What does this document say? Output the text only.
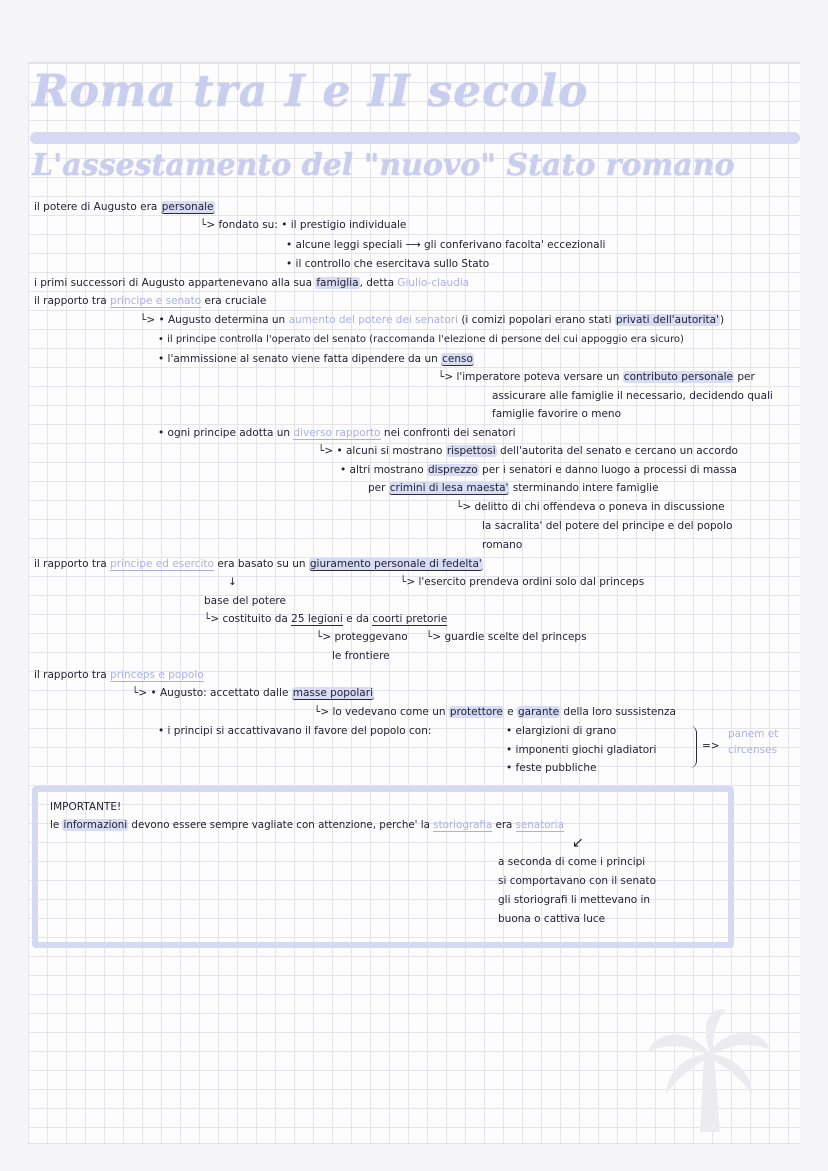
Roma tra I e II secolo
L'assestamento del "nuovo" Stato romano
il potere di Augusto era personale
└> fondato su: • il prestigio individuale
• alcune leggi speciali ⟶ gli conferivano facolta' eccezionali
• il controllo che esercitava sullo Stato
i primi successori di Augusto appartenevano alla sua famiglia, detta Giulio-claudia
il rapporto tra principe e senato era cruciale
└> • Augusto determina un aumento del potere dei senatori (i comizi popolari erano stati privati dell'autorita')
• il principe controlla l'operato del senato (raccomanda l'elezione di persone del cui appoggio era sicuro)
• l'ammissione al senato viene fatta dipendere da un censo
└> l'imperatore poteva versare un contributo personale per
assicurare alle famiglie il necessario, decidendo quali
famiglie favorire o meno
• ogni principe adotta un diverso rapporto nei confronti dei senatori
└> • alcuni si mostrano rispettosi dell'autorita del senato e cercano un accordo
• altri mostrano disprezzo per i senatori e danno luogo a processi di massa
per crimini di lesa maesta' sterminando intere famiglie
└> delitto di chi offendeva o poneva in discussione
la sacralita' del potere del principe e del popolo
romano
il rapporto tra principe ed esercito era basato su un giuramento personale di fedelta'
└> l'esercito prendeva ordini solo dal princeps
↓
base del potere
└> costituito da 25 legioni e da coorti pretorie
└> proteggevano └> guardie scelte del princeps
le frontiere
il rapporto tra princeps e popolo
└> • Augusto: accettato dalle masse popolari
└> lo vedevano come un protettore e garante della loro sussistenza
• i principi si accattivavano il favore del popolo con:	• elargizioni di grano
• imponenti giochi gladiatori
• feste pubbliche
=>
panem et
circenses
IMPORTANTE!
le informazioni devono essere sempre vagliate con attenzione, perche' la storiografia era senatoria
↙
a seconda di come i principi
si comportavano con il senato
gli storiografi li mettevano in
buona o cattiva luce
